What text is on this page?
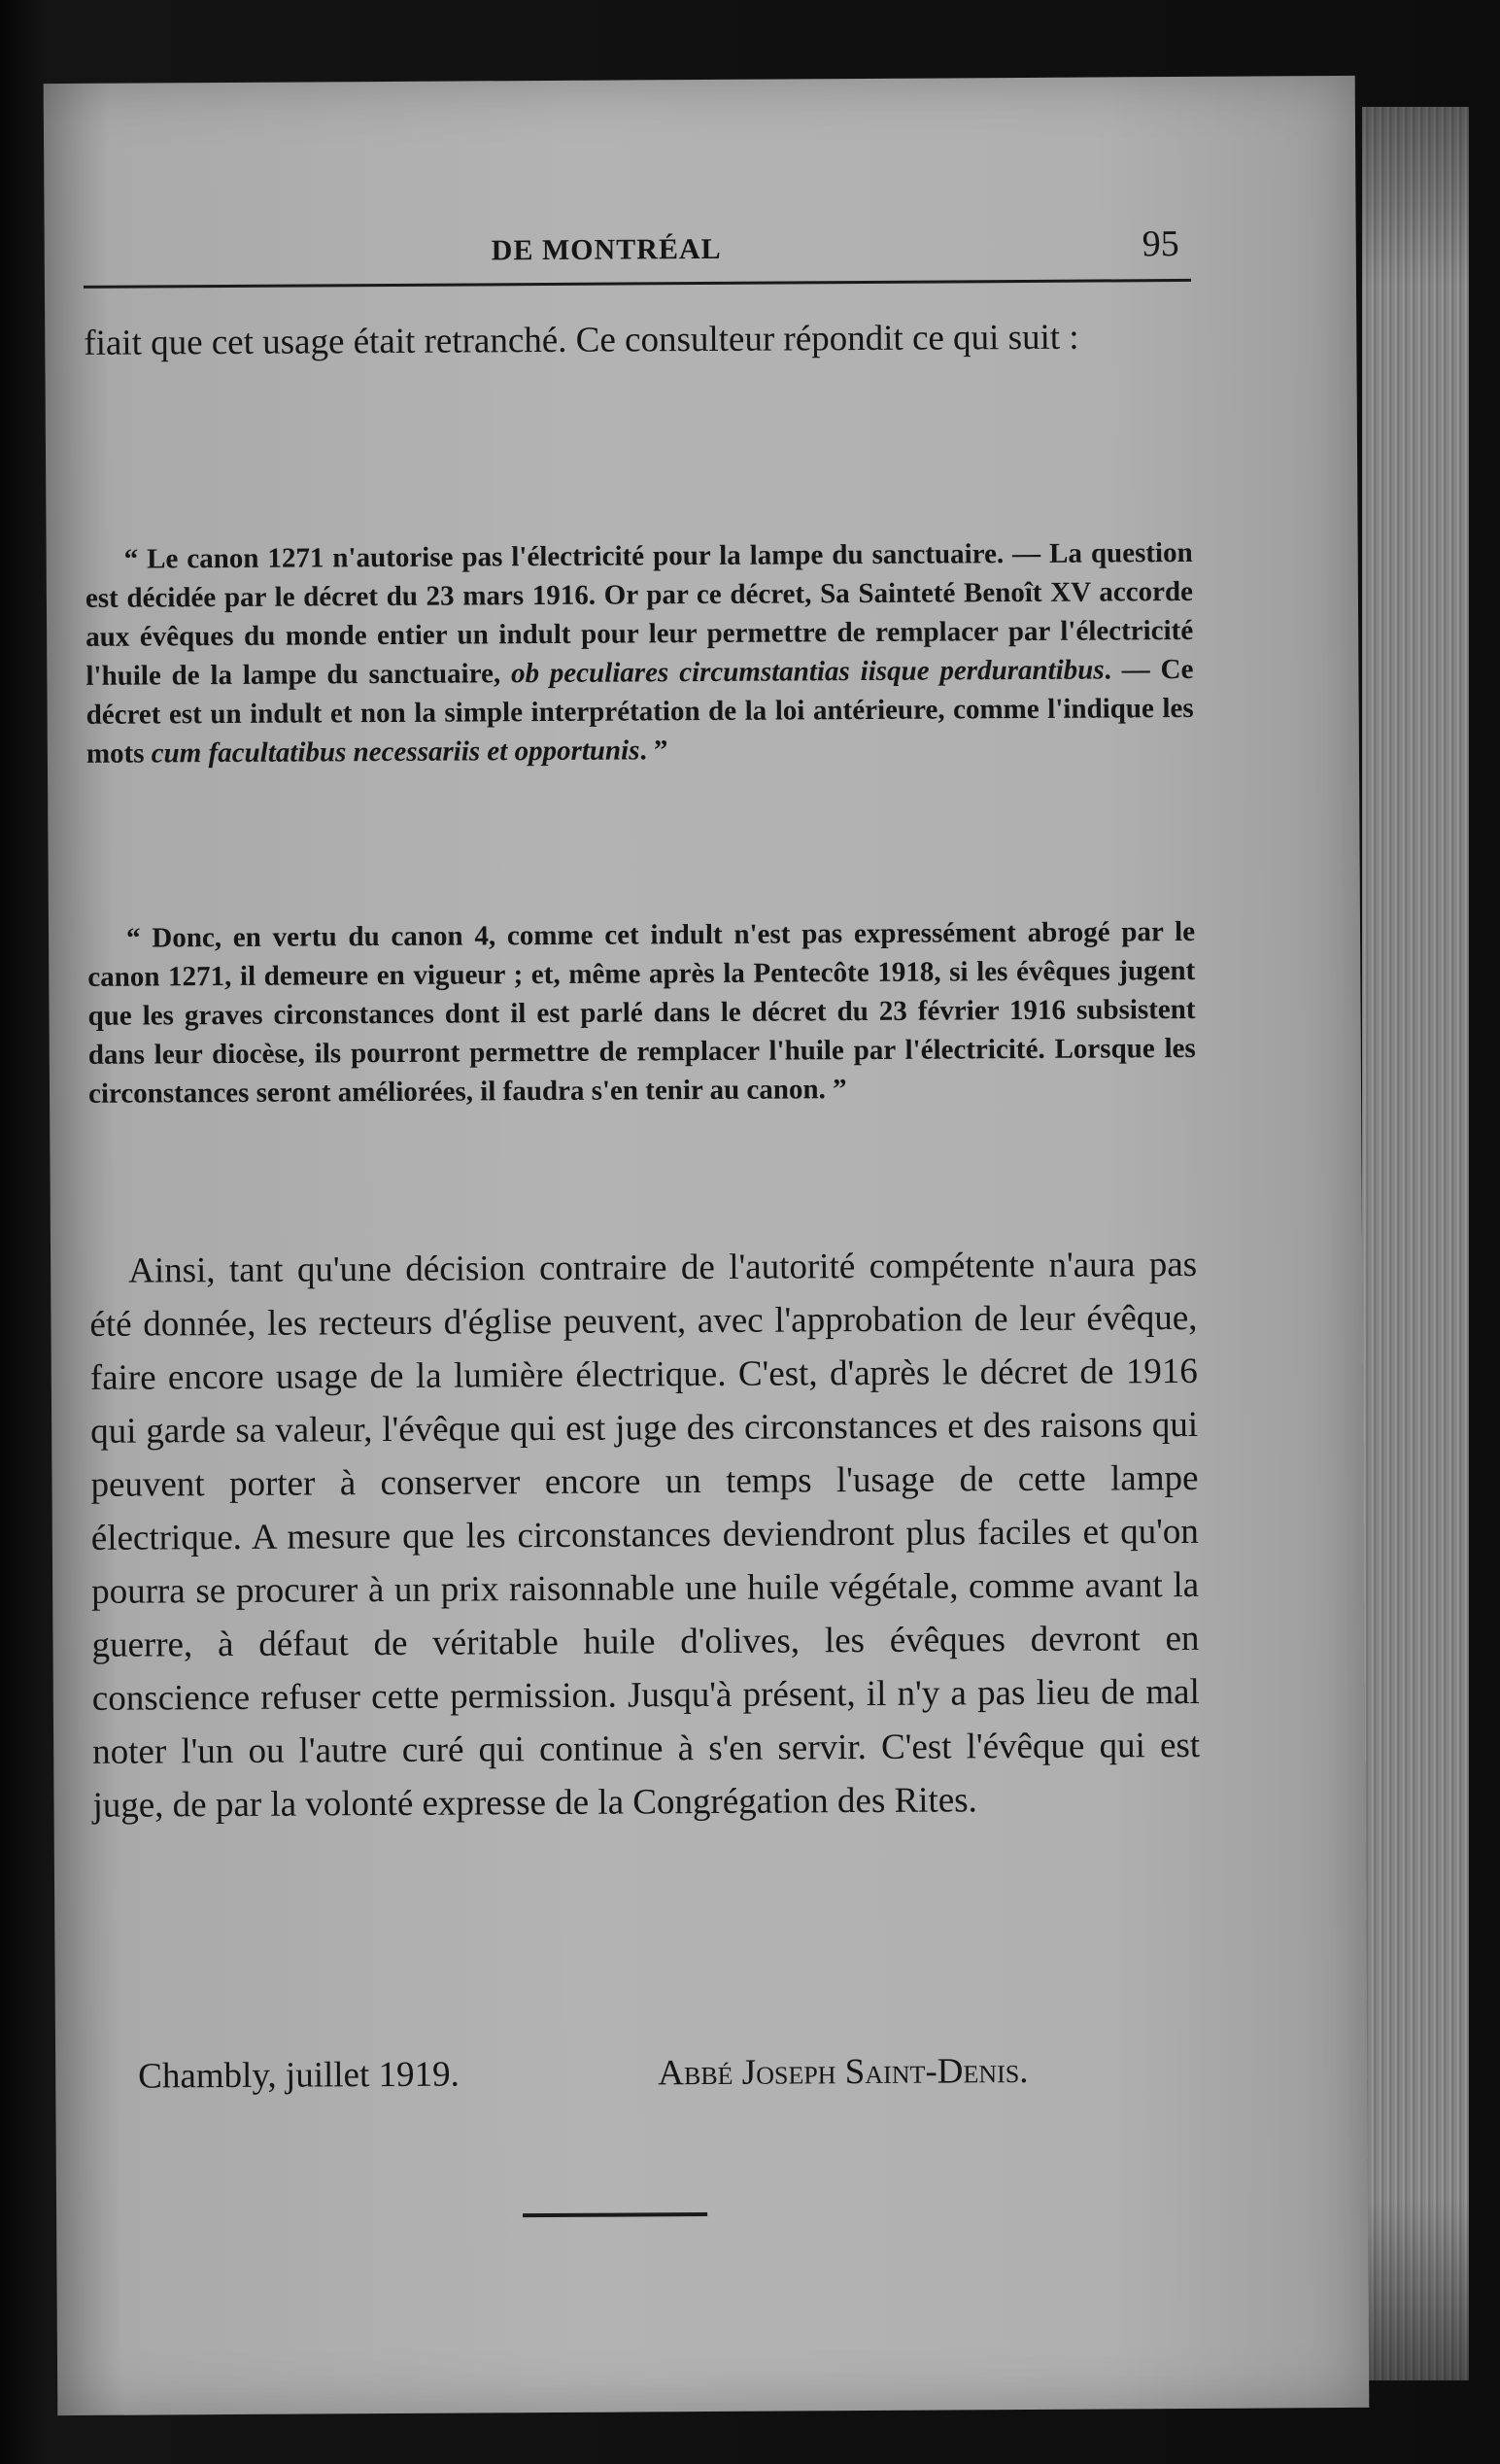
DE MONTRÉAL	95

fiait que cet usage était retranché. Ce consulteur répondit ce qui suit :

“ Le canon 1271 n'autorise pas l'électricité pour la lampe du sanctuaire. — La question est décidée par le décret du 23 mars 1916. Or par ce décret, Sa Sainteté Benoît XV accorde aux évêques du monde entier un indult pour leur permettre de remplacer par l'électricité l'huile de la lampe du sanctuaire, ob peculiares circumstantias iisque perdurantibus. — Ce décret est un indult et non la simple interprétation de la loi antérieure, comme l'indique les mots cum facultatibus necessariis et opportunis. ”

“ Donc, en vertu du canon 4, comme cet indult n'est pas expressément abrogé par le canon 1271, il demeure en vigueur ; et, même après la Pentecôte 1918, si les évêques jugent que les graves circonstances dont il est parlé dans le décret du 23 février 1916 subsistent dans leur diocèse, ils pourront permettre de remplacer l'huile par l'électricité. Lorsque les circonstances seront améliorées, il faudra s'en tenir au canon. ”

Ainsi, tant qu'une décision contraire de l'autorité compétente n'aura pas été donnée, les recteurs d'église peuvent, avec l'approbation de leur évêque, faire encore usage de la lumière électrique. C'est, d'après le décret de 1916 qui garde sa valeur, l'évêque qui est juge des circonstances et des raisons qui peuvent porter à conserver encore un temps l'usage de cette lampe électrique. A mesure que les circonstances deviendront plus faciles et qu'on pourra se procurer à un prix raisonnable une huile végétale, comme avant la guerre, à défaut de véritable huile d'olives, les évêques devront en conscience refuser cette permission. Jusqu'à présent, il n'y a pas lieu de mal noter l'un ou l'autre curé qui continue à s'en servir. C'est l'évêque qui est juge, de par la volonté expresse de la Congrégation des Rites.

Chambly, juillet 1919.	Abbé Joseph Saint-Denis.
